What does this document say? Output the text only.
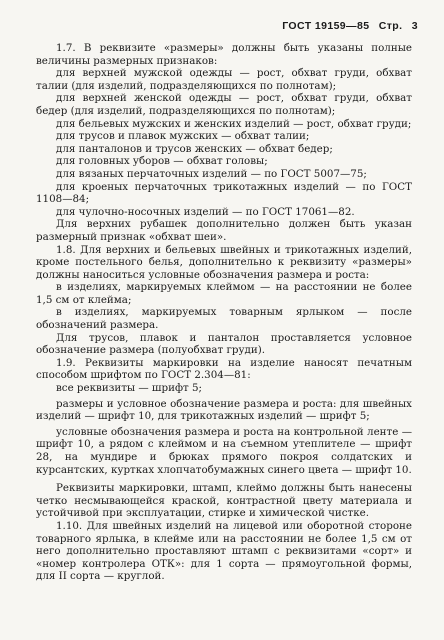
ГОСТ 19159—85 Стр. 3

1.7. В реквизите «размеры» должны быть указаны полные величины размерных признаков:

для верхней мужской одежды — рост, обхват груди, обхват талии (для изделий, подразделяющихся по полнотам);

для верхней женской одежды — рост, обхват груди, обхват бедер (для изделий, подразделяющихся по полнотам);

для бельевых мужских и женских изделий — рост, обхват груди;

для трусов и плавок мужских — обхват талии;

для панталонов и трусов женских — обхват бедер;

для головных уборов — обхват головы;

для вязаных перчаточных изделий — по ГОСТ 5007—75;

для кроеных перчаточных трикотажных изделий — по ГОСТ 1108—84;

для чулочно-носочных изделий — по ГОСТ 17061—82.

Для верхних рубашек дополнительно должен быть указан размерный признак «обхват шеи».

1.8. Для верхних и бельевых швейных и трикотажных изделий, кроме постельного белья, дополнительно к реквизиту «размеры» должны наноситься условные обозначения размера и роста:

в изделиях, маркируемых клеймом — на расстоянии не более 1,5 см от клейма;

в изделиях, маркируемых товарным ярлыком — после обозначений размера.

Для трусов, плавок и панталон проставляется условное обозначение размера (полуобхват груди).

1.9. Реквизиты маркировки на изделие наносят печатным способом шрифтом по ГОСТ 2.304—81:

все реквизиты — шрифт 5;

размеры и условное обозначение размера и роста: для швейных изделий — шрифт 10, для трикотажных изделий — шрифт 5;

условные обозначения размера и роста на контрольной ленте — шрифт 10, а рядом с клеймом и на съемном утеплителе — шрифт 28, на мундире и брюках прямого покроя солдатских и курсантских, куртках хлопчатобумажных синего цвета — шрифт 10.

Реквизиты маркировки, штамп, клеймо должны быть нанесены четко несмывающейся краской, контрастной цвету материала и устойчивой при эксплуатации, стирке и химической чистке.

1.10. Для швейных изделий на лицевой или оборотной стороне товарного ярлыка, в клейме или на расстоянии не более 1,5 см от него дополнительно проставляют штамп с реквизитами «сорт» и «номер контролера ОТК»: для 1 сорта — прямоугольной формы, для II сорта — круглой.
